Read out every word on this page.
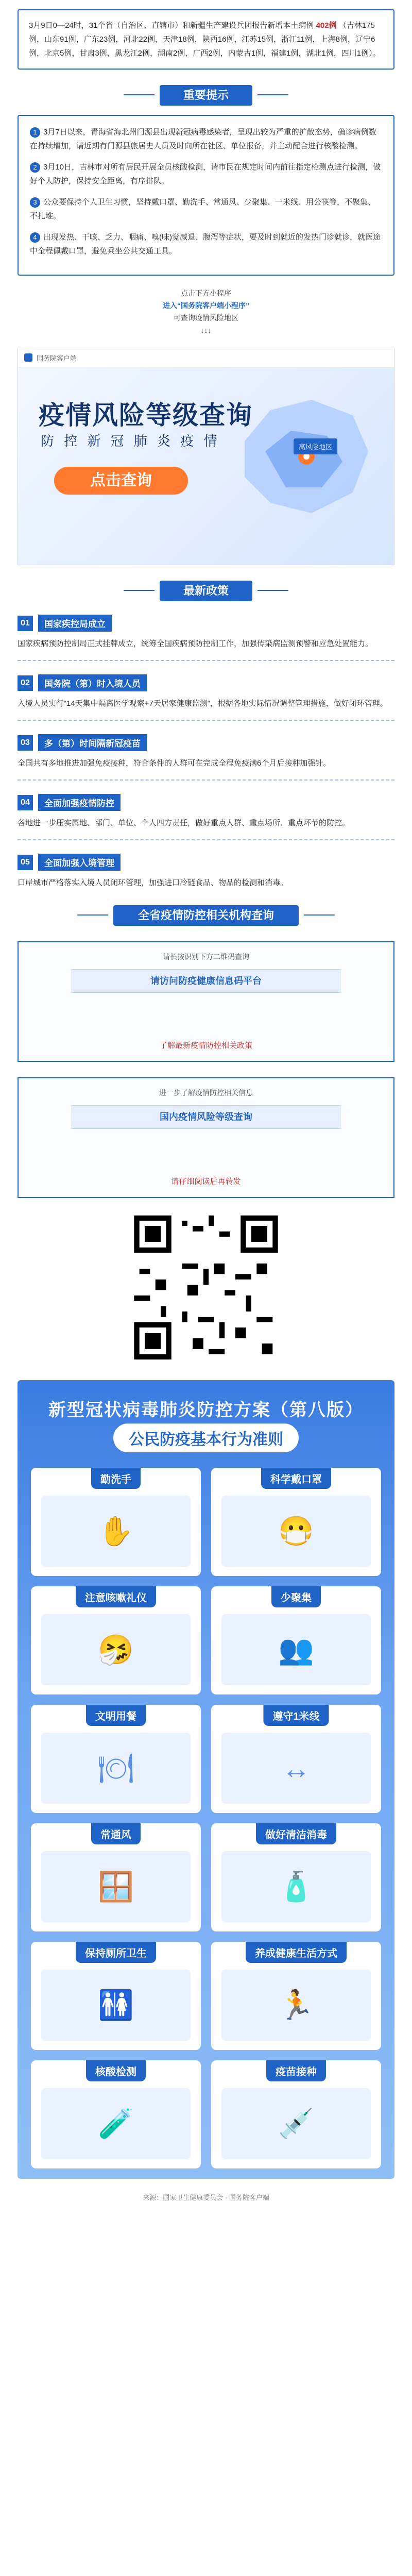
3月9日0—24时，31个省（自治区、直辖市）和新疆生产建设兵团报告新增本土病例 402例 （吉林175例，山东91例，广东23例，河北22例，天津18例，陕西16例，江苏15例，浙江11例，上海8例，辽宁6例，北京5例，甘肃3例，黑龙江2例，湖南2例，广西2例，内蒙古1例，福建1例，湖北1例，四川1例）。
重要提示

1 3月7日以来，青海省海北州门源县出现新冠病毒感染者，呈现出较为严重的扩散态势，确诊病例数在持续增加，请近期有门源县旅居史人员及时向所在社区、单位报备，并主动配合进行核酸检测。

2 3月10日，吉林市对所有居民开展全员核酸检测，请市民在规定时间内前往指定检测点进行检测，做好个人防护，保持安全距离，有序排队。

3 公众要保持个人卫生习惯，坚持戴口罩、勤洗手、常通风、少聚集、一米线、用公筷等，不聚集、不扎堆。

4 出现发热、干咳、乏力、咽痛、嗅(味)觉减退、腹泻等症状，要及时到就近的发热门诊就诊，就医途中全程佩戴口罩，避免乘坐公共交通工具。

点击下方小程序
进入“国务院客户端小程序”
可查询疫情风险地区
↓↓↓
国务院客户端
高风险地区
疫情风险等级查询
防 控 新 冠 肺 炎 疫 情
点击查询
最新政策
01	国家疾控局成立
国家疾病预防控制局正式挂牌成立，统筹全国疾病预防控制工作，加强传染病监测预警和应急处置能力。
02	国务院（第）时入境人员
入境人员实行“14天集中隔离医学观察+7天居家健康监测”，根据各地实际情况调整管理措施，做好闭环管理。
03	多（第）时间隔新冠疫苗
全国共有多地推进加强免疫接种，符合条件的人群可在完成全程免疫满6个月后接种加强针。
04	全面加强疫情防控
各地进一步压实属地、部门、单位、个人四方责任，做好重点人群、重点场所、重点环节的防控。
05	全面加强入境管理
口岸城市严格落实入境人员闭环管理，加强进口冷链食品、物品的检测和消毒。
全省疫情防控相关机构查询
请长按识别下方二维码查询
请访问防疫健康信息码平台
了解最新疫情防控相关政策
进一步了解疫情防控相关信息
国内疫情风险等级查询
请仔细阅读后再转发
新型冠状病毒肺炎防控方案（第八版）
公民防疫基本行为准则
勤洗手
✋
科学戴口罩
😷
注意咳嗽礼仪
🤧
少聚集
👥
文明用餐
🍽
遵守1米线
↔
常通风
🪟
做好清洁消毒
🧴
保持厕所卫生
🚻
养成健康生活方式
🏃
核酸检测
🧪
疫苗接种
💉
来源：国家卫生健康委员会 · 国务院客户端
